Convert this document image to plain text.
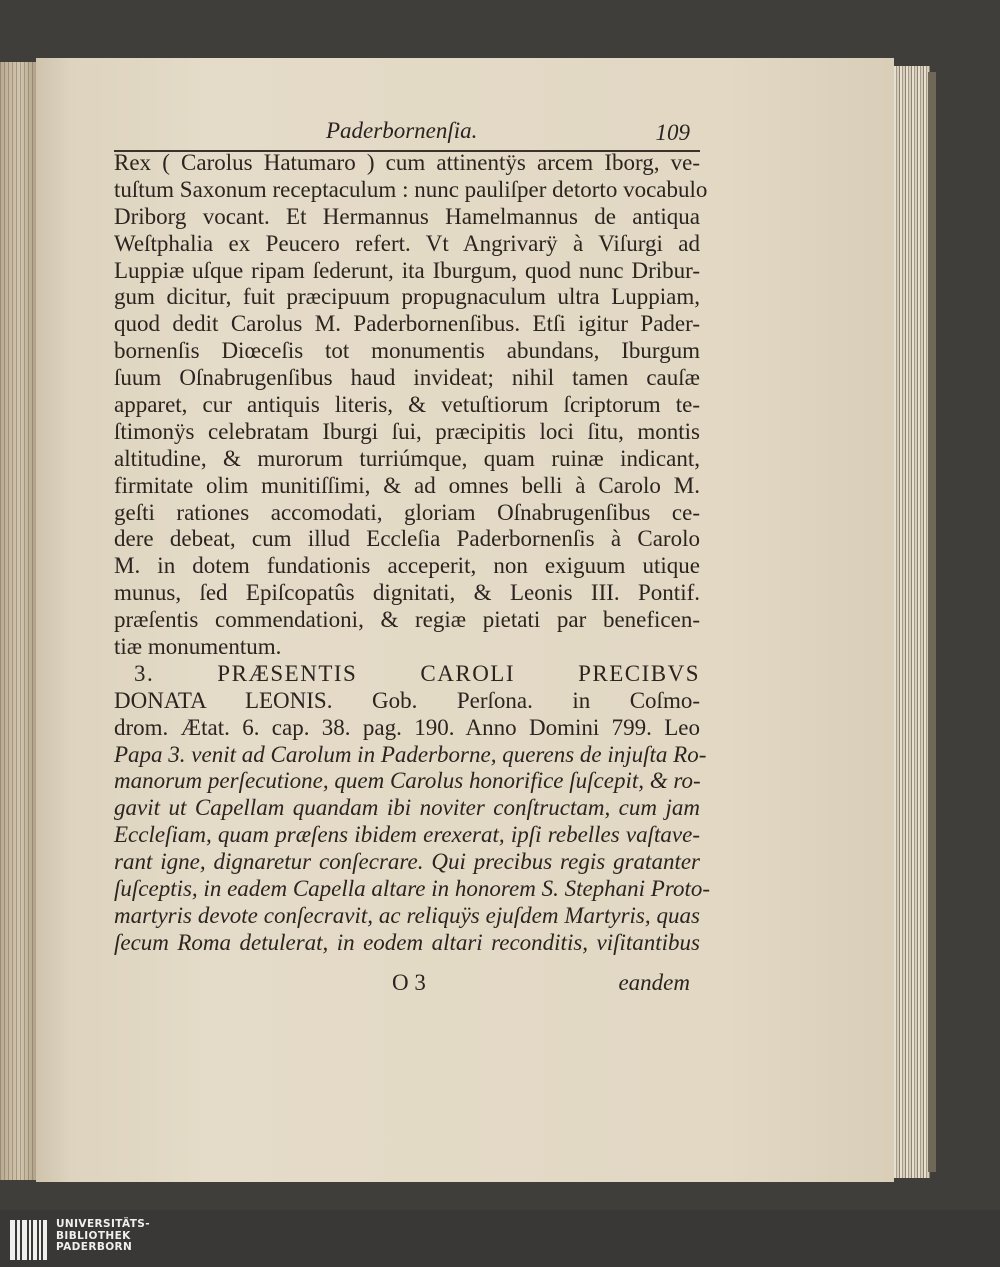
Paderbornenſia.	109
Rex ( Carolus Hatumaro ) cum attinentÿs arcem Iborg, ve-
tuſtum Saxonum receptaculum : nunc pauliſper detorto vocabulo
Driborg vocant. Et Hermannus Hamelmannus de antiqua
Weſtphalia ex Peucero refert. Vt Angrivarÿ à Viſurgi ad
Luppiæ uſque ripam ſederunt, ita Iburgum, quod nunc Dribur-
gum dicitur, fuit præcipuum propugnaculum ultra Luppiam,
quod dedit Carolus M. Paderbornenſibus. Etſi igitur Pader-
bornenſis Diœceſis tot monumentis abundans, Iburgum
ſuum Oſnabrugenſibus haud invideat; nihil tamen cauſæ
apparet, cur antiquis literis, & vetuſtiorum ſcriptorum te-
ſtimonÿs celebratam Iburgi ſui, præcipitis loci ſitu, montis
altitudine, & murorum turriúmque, quam ruinæ indicant,
firmitate olim munitiſſimi, & ad omnes belli à Carolo M.
geſti rationes accomodati, gloriam Oſnabrugenſibus ce-
dere debeat, cum illud Eccleſia Paderbornenſis à Carolo
M. in dotem fundationis acceperit, non exiguum utique
munus, ſed Epiſcopatûs dignitati, & Leonis III. Pontif.
præſentis commendationi, & regiæ pietati par beneficen-
tiæ monumentum.
3. PRÆSENTIS CAROLI PRECIBVS
DONATA LEONIS. Gob. Perſona. in Coſmo-
drom. Ætat. 6. cap. 38. pag. 190. Anno Domini 799. Leo
Papa 3. venit ad Carolum in Paderborne, querens de injuſta Ro-
manorum perſecutione, quem Carolus honorifice ſuſcepit, & ro-
gavit ut Capellam quandam ibi noviter conſtructam, cum jam
Eccleſiam, quam præſens ibidem erexerat, ipſi rebelles vaſtave-
rant igne, dignaretur conſecrare. Qui precibus regis gratanter
ſuſceptis, in eadem Capella altare in honorem S. Stephani Proto-
martyris devote conſecravit, ac reliquÿs ejuſdem Martyris, quas
ſecum Roma detulerat, in eodem altari reconditis, viſitantibus
O 3	eandem
UNIVERSITÄTS-
BIBLIOTHEK
PADERBORN
